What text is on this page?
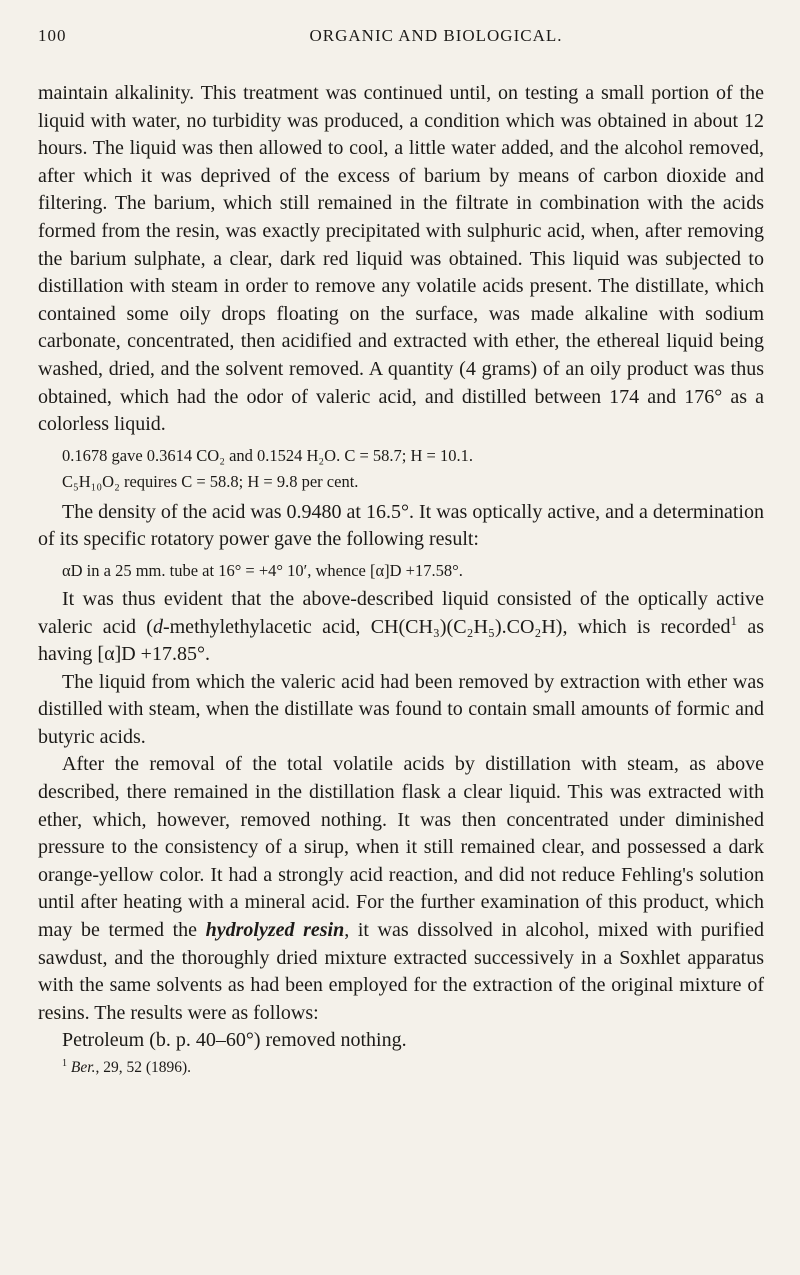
100	ORGANIC AND BIOLOGICAL.

maintain alkalinity. This treatment was continued until, on testing a small portion of the liquid with water, no turbidity was produced, a condition which was obtained in about 12 hours. The liquid was then allowed to cool, a little water added, and the alcohol removed, after which it was deprived of the excess of barium by means of carbon dioxide and filtering. The barium, which still remained in the filtrate in combination with the acids formed from the resin, was exactly precipitated with sulphuric acid, when, after removing the barium sulphate, a clear, dark red liquid was obtained. This liquid was subjected to distillation with steam in order to remove any volatile acids present. The distillate, which contained some oily drops floating on the surface, was made alkaline with sodium carbonate, concentrated, then acidified and extracted with ether, the ethereal liquid being washed, dried, and the solvent removed. A quantity (4 grams) of an oily product was thus obtained, which had the odor of valeric acid, and distilled between 174 and 176° as a colorless liquid.

0.1678 gave 0.3614 CO₂ and 0.1524 H₂O. C = 58.7; H = 10.1.

C₅H₁₀O₂ requires C = 58.8; H = 9.8 per cent.

The density of the acid was 0.9480 at 16.5°. It was optically active, and a determination of its specific rotatory power gave the following result:

αD in a 25 mm. tube at 16° = +4° 10′, whence [α]D +17.58°.

It was thus evident that the above-described liquid consisted of the optically active valeric acid (d-methylethylacetic acid, CH(CH₃)(C₂H₅).CO₂H), which is recorded$^1$ as having [α]D +17.85°.

The liquid from which the valeric acid had been removed by extraction with ether was distilled with steam, when the distillate was found to contain small amounts of formic and butyric acids.

After the removal of the total volatile acids by distillation with steam, as above described, there remained in the distillation flask a clear liquid. This was extracted with ether, which, however, removed nothing. It was then concentrated under diminished pressure to the consistency of a sirup, when it still remained clear, and possessed a dark orange-yellow color. It had a strongly acid reaction, and did not reduce Fehling's solution until after heating with a mineral acid. For the further examination of this product, which may be termed the hydrolyzed resin, it was dissolved in alcohol, mixed with purified sawdust, and the thoroughly dried mixture extracted successively in a Soxhlet apparatus with the same solvents as had been employed for the extraction of the original mixture of resins. The results were as follows:

Petroleum (b. p. 40–60°) removed nothing.

$^1$ Ber., 29, 52 (1896).
